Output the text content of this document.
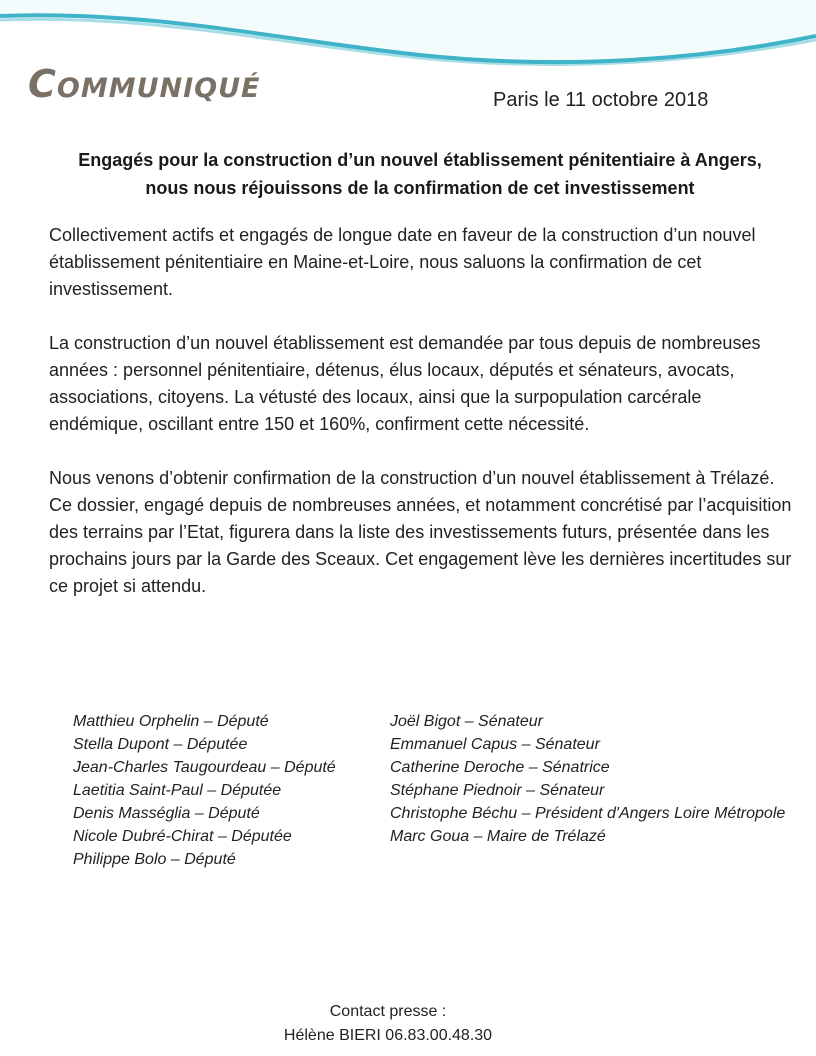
Communiqué	Paris le 11 octobre 2018
Engagés pour la construction d’un nouvel établissement pénitentiaire à Angers,
nous nous réjouissons de la confirmation de cet investissement

Collectivement actifs et engagés de longue date en faveur de la construction d’un nouvel établissement pénitentiaire en Maine-et-Loire, nous saluons la confirmation de cet investissement.

La construction d’un nouvel établissement est demandée par tous depuis de nombreuses années : personnel pénitentiaire, détenus, élus locaux, députés et sénateurs, avocats, associations, citoyens. La vétusté des locaux, ainsi que la surpopulation carcérale endémique, oscillant entre 150 et 160%, confirment cette nécessité.

Nous venons d’obtenir confirmation de la construction d’un nouvel établissement à Trélazé. Ce dossier, engagé depuis de nombreuses années, et notamment concrétisé par l’acquisition des terrains par l’Etat, figurera dans la liste des investissements futurs, présentée dans les prochains jours par la Garde des Sceaux. Cet engagement lève les dernières incertitudes sur ce projet si attendu.

Matthieu Orphelin – Député
Stella Dupont – Députée
Jean-Charles Taugourdeau – Député
Laetitia Saint-Paul – Députée
Denis Masséglia – Député
Nicole Dubré-Chirat – Députée
Philippe Bolo – Député
Joël Bigot – Sénateur
Emmanuel Capus – Sénateur
Catherine Deroche – Sénatrice
Stéphane Piednoir – Sénateur
Christophe Béchu – Président d'Angers Loire Métropole
Marc Goua – Maire de Trélazé
Contact presse :
Hélène BIERI 06.83.00.48.30
